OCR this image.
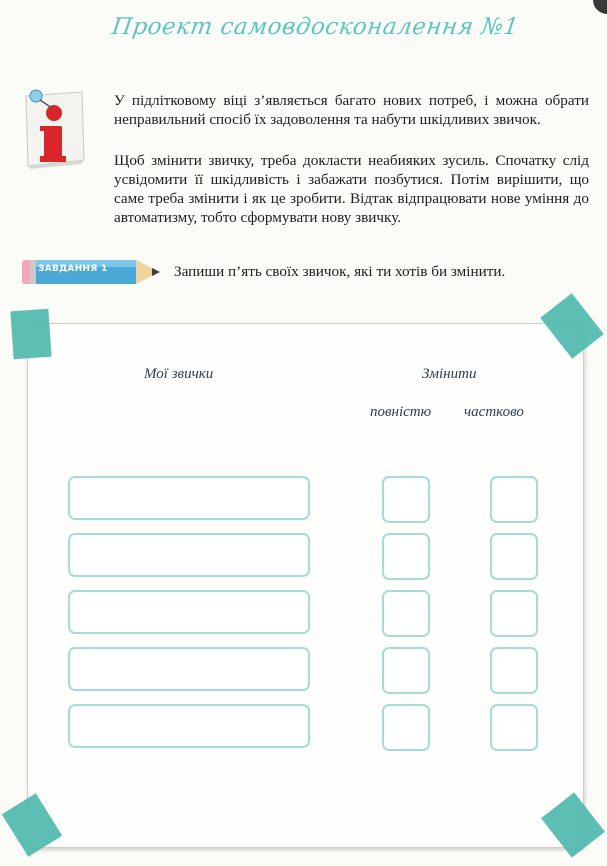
Проект самовдосконалення №1

У підлітковому віці з’являється багато нових потреб, і можна обрати неправильний спосіб їх задоволення та набути шкідливих звичок.

Щоб змінити звичку, треба докласти неабияких зусиль. Спочатку слід усвідомити її шкідливість і забажати позбутися. Потім вирішити, що саме треба змінити і як це зробити. Відтак відпрацювати нове уміння до автоматизму, тобто сформувати нову звичку.

ЗАВДАННЯ 1	Запиши п’ять своїх звичок, які ти хотів би змінити.

Мої звички	Змінити
повністю частково
